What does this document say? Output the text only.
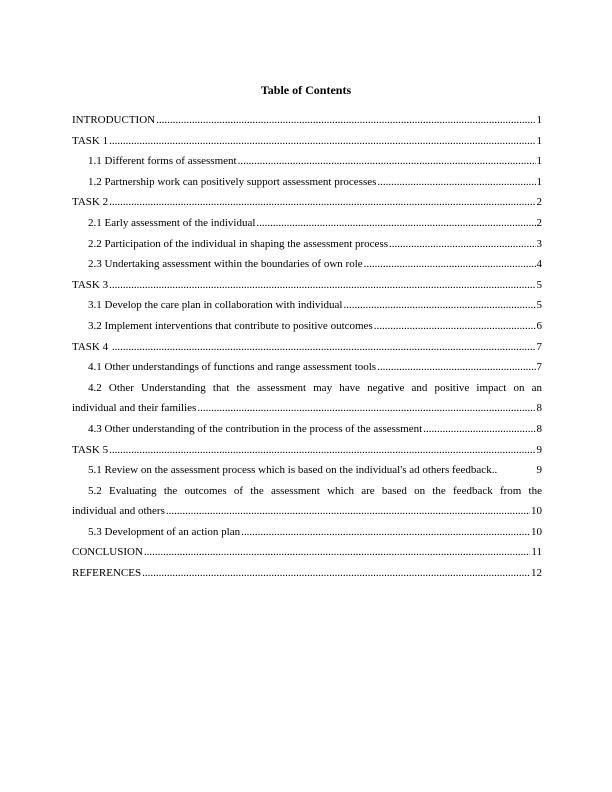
Table of Contents
INTRODUCTION .....	1
TASK 1 .....	1
1.1 Different forms of assessment .....	1
1.2 Partnership work can positively support assessment processes .....	1
TASK 2 .....	2
2.1 Early assessment of the individual .....	2
2.2 Participation of the individual in shaping the assessment process .....	3
2.3 Undertaking assessment within the boundaries of own role .....	4
TASK 3 .....	5
3.1 Develop the care plan in collaboration with individual .....	5
3.2 Implement interventions that contribute to positive outcomes .....	6
TASK 4 .....	7
4.1 Other understandings of functions and range assessment tools .....	7
4.2 Other Understanding that the assessment may have negative and positive impact on an
individual and their families .....	8
4.3 Other understanding of the contribution in the process of the assessment .....	8
TASK 5 .....	9
5.1 Review on the assessment process which is based on the individual's ad others feedback..	9
5.2 Evaluating the outcomes of the assessment which are based on the feedback from the
individual and others .....	10
5.3 Development of an action plan .....	10
CONCLUSION .....	11
REFERENCES .....	12
